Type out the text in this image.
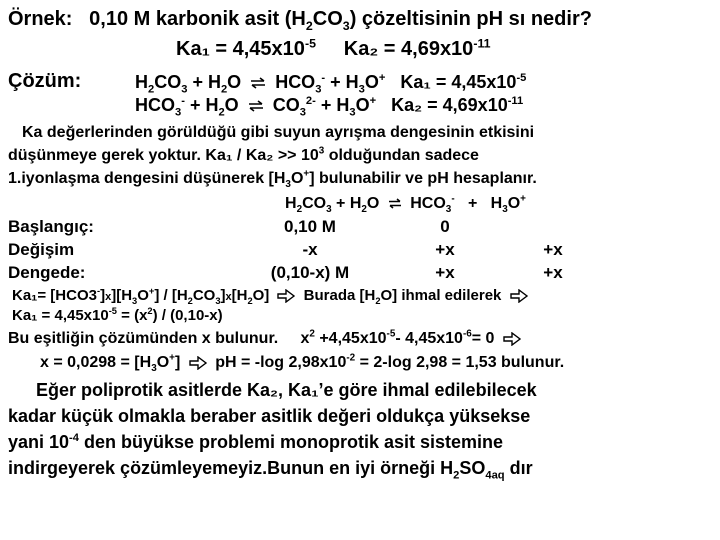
Örnek: 0,10 M karbonik asit $(H_2CO_3)$ çözeltisinin pH sı nedir?
$Ka_1 = 4,45x10^{-5}$ $Ka_2 = 4,69x10^{-11}$
Çözüm:	$H_2CO_3 + H_2O$ ⇌ $HCO_3^- + H_3O^+$ $Ka_1 = 4,45x10^{-5}$
$HCO_3^- + H_2O$ ⇌ $CO_3^{2-} + H_3O^+$ $Ka_2 = 4,69x10^{-11}$
Ka değerlerinden görüldüğü gibi suyun ayrışma dengesinin etkisini
düşünmeye gerek yoktur. $Ka_1 / Ka_2 >> 10^3$ olduğundan sadece
1.iyonlaşma dengesini düşünerek $[H_3O^+]$ bulunabilir ve pH hesaplanır.
$H_2CO_3 + H_2O$ ⇌ $HCO_3^- + H_3O^+$
Başlangıç:	0,10 M	0
Değişim	-x	+x	+x
Dengede:	(0,10-x) M	+x	+x
$Ka_1= [HCO3^-]x][H_3O^+] / [H_2CO_3]x[H_2O]$ Burada $[H_2O]$ ihmal edilerek
$Ka_1 = 4,45x10^{-5} = (x^2) / (0,10-x)$
Bu eşitliğin çözümünden x bulunur. $x^2 +4,45x10^{-5}-$ $4,45x10^{-6}= 0$
$x = 0,0298 = [H_3O^+]$ pH = -log $2,98x10^{-2} = 2-\log$ 2,98 = 1,53 bulunur.
Eğer poliprotik asitlerde Ka₂, Ka₁’e göre ihmal edilebilecek
kadar küçük olmakla beraber asitlik değeri oldukça yüksekse
yani $10^{-4}$ den büyükse problemi monoprotik asit sistemine
indirgeyerek çözümleyemeyiz.Bunun en iyi örneği $H_2SO_{4aq}$ dır
